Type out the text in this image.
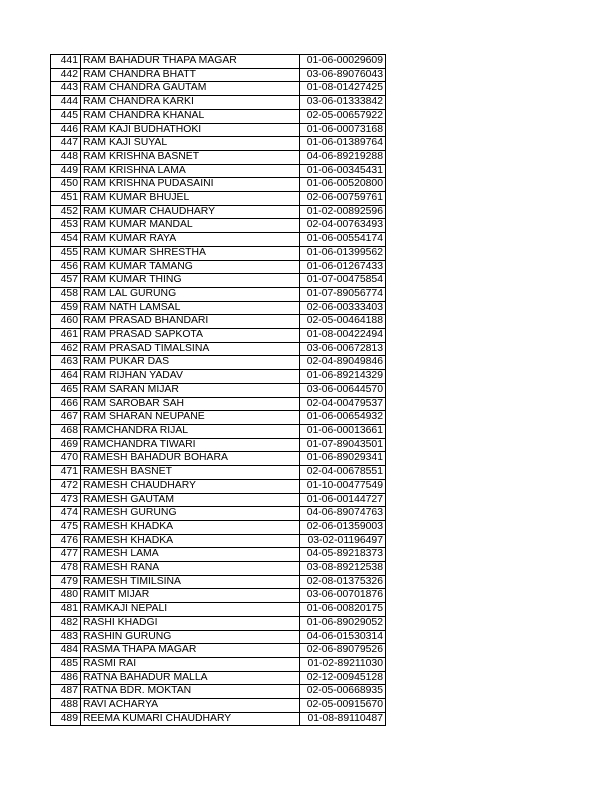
441	RAM BAHADUR THAPA MAGAR	01-06-00029609
442	RAM CHANDRA BHATT	03-06-89076043
443	RAM CHANDRA GAUTAM	01-08-01427425
444	RAM CHANDRA KARKI	03-06-01333842
445	RAM CHANDRA KHANAL	02-05-00657922
446	RAM KAJI BUDHATHOKI	01-06-00073168
447	RAM KAJI SUYAL	01-06-01389764
448	RAM KRISHNA BASNET	04-06-89219288
449	RAM KRISHNA LAMA	01-06-00345431
450	RAM KRISHNA PUDASAINI	01-06-00520800
451	RAM KUMAR BHUJEL	02-06-00759761
452	RAM KUMAR CHAUDHARY	01-02-00892596
453	RAM KUMAR MANDAL	02-04-00763493
454	RAM KUMAR RAYA	01-06-00554174
455	RAM KUMAR SHRESTHA	01-06-01399562
456	RAM KUMAR TAMANG	01-06-01267433
457	RAM KUMAR THING	01-07-00475854
458	RAM LAL GURUNG	01-07-89056774
459	RAM NATH LAMSAL	02-06-00333403
460	RAM PRASAD BHANDARI	02-05-00464188
461	RAM PRASAD SAPKOTA	01-08-00422494
462	RAM PRASAD TIMALSINA	03-06-00672813
463	RAM PUKAR DAS	02-04-89049846
464	RAM RIJHAN YADAV	01-06-89214329
465	RAM SARAN MIJAR	03-06-00644570
466	RAM SAROBAR SAH	02-04-00479537
467	RAM SHARAN NEUPANE	01-06-00654932
468	RAMCHANDRA RIJAL	01-06-00013661
469	RAMCHANDRA TIWARI	01-07-89043501
470	RAMESH BAHADUR BOHARA	01-06-89029341
471	RAMESH BASNET	02-04-00678551
472	RAMESH CHAUDHARY	01-10-00477549
473	RAMESH GAUTAM	01-06-00144727
474	RAMESH GURUNG	04-06-89074763
475	RAMESH KHADKA	02-06-01359003
476	RAMESH KHADKA	03-02-01196497
477	RAMESH LAMA	04-05-89218373
478	RAMESH RANA	03-08-89212538
479	RAMESH TIMILSINA	02-08-01375326
480	RAMIT MIJAR	03-06-00701876
481	RAMKAJI NEPALI	01-06-00820175
482	RASHI KHADGI	01-06-89029052
483	RASHIN GURUNG	04-06-01530314
484	RASMA THAPA MAGAR	02-06-89079526
485	RASMI RAI	01-02-89211030
486	RATNA BAHADUR MALLA	02-12-00945128
487	RATNA BDR. MOKTAN	02-05-00668935
488	RAVI ACHARYA	02-05-00915670
489	REEMA KUMARI CHAUDHARY	01-08-89110487
